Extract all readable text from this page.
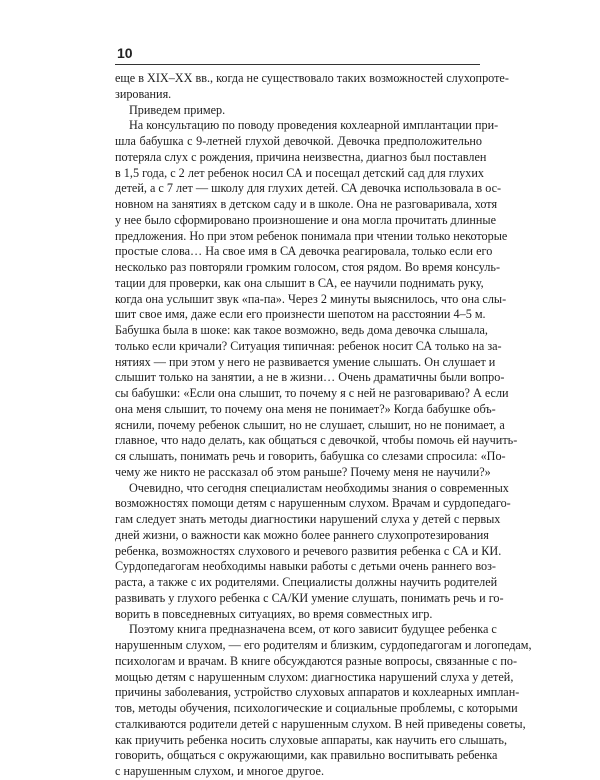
10
еще в XIX–XX вв., когда не существовало таких возможностей слухопроте-
зирования.
Приведем пример.
На консультацию по поводу проведения кохлеарной имплантации при-
шла бабушка с 9-летней глухой девочкой. Девочка предположительно
потеряла слух с рождения, причина неизвестна, диагноз был поставлен
в 1,5 года, с 2 лет ребенок носил СА и посещал детский сад для глухих
детей, а с 7 лет — школу для глухих детей. СА девочка использовала в ос-
новном на занятиях в детском саду и в школе. Она не разговаривала, хотя
у нее было сформировано произношение и она могла прочитать длинные
предложения. Но при этом ребенок понимала при чтении только некоторые
простые слова… На свое имя в СА девочка реагировала, только если его
несколько раз повторяли громким голосом, стоя рядом. Во время консуль-
тации для проверки, как она слышит в СА, ее научили поднимать руку,
когда она услышит звук «па-па». Через 2 минуты выяснилось, что она слы-
шит свое имя, даже если его произнести шепотом на расстоянии 4–5 м.
Бабушка была в шоке: как такое возможно, ведь дома девочка слышала,
только если кричали? Ситуация типичная: ребенок носит СА только на за-
нятиях — при этом у него не развивается умение слышать. Он слушает и
слышит только на занятии, а не в жизни… Очень драматичны были вопро-
сы бабушки: «Если она слышит, то почему я с ней не разговариваю? А если
она меня слышит, то почему она меня не понимает?» Когда бабушке объ-
яснили, почему ребенок слышит, но не слушает, слышит, но не понимает, а
главное, что надо делать, как общаться с девочкой, чтобы помочь ей научить-
ся слышать, понимать речь и говорить, бабушка со слезами спросила: «По-
чему же никто не рассказал об этом раньше? Почему меня не научили?»
Очевидно, что сегодня специалистам необходимы знания о современных
возможностях помощи детям с нарушенным слухом. Врачам и сурдопедаго-
гам следует знать методы диагностики нарушений слуха у детей с первых
дней жизни, о важности как можно более раннего слухопротезирования
ребенка, возможностях слухового и речевого развития ребенка с СА и КИ.
Сурдопедагогам необходимы навыки работы с детьми очень раннего воз-
раста, а также с их родителями. Специалисты должны научить родителей
развивать у глухого ребенка с СА/КИ умение слушать, понимать речь и го-
ворить в повседневных ситуациях, во время совместных игр.
Поэтому книга предназначена всем, от кого зависит будущее ребенка с
нарушенным слухом, — его родителям и близким, сурдопедагогам и логопедам,
психологам и врачам. В книге обсуждаются разные вопросы, связанные с по-
мощью детям с нарушенным слухом: диагностика нарушений слуха у детей,
причины заболевания, устройство слуховых аппаратов и кохлеарных имплан-
тов, методы обучения, психологические и социальные проблемы, с которыми
сталкиваются родители детей с нарушенным слухом. В ней приведены советы,
как приучить ребенка носить слуховые аппараты, как научить его слышать,
говорить, общаться с окружающими, как правильно воспитывать ребенка
с нарушенным слухом, и многое другое.
